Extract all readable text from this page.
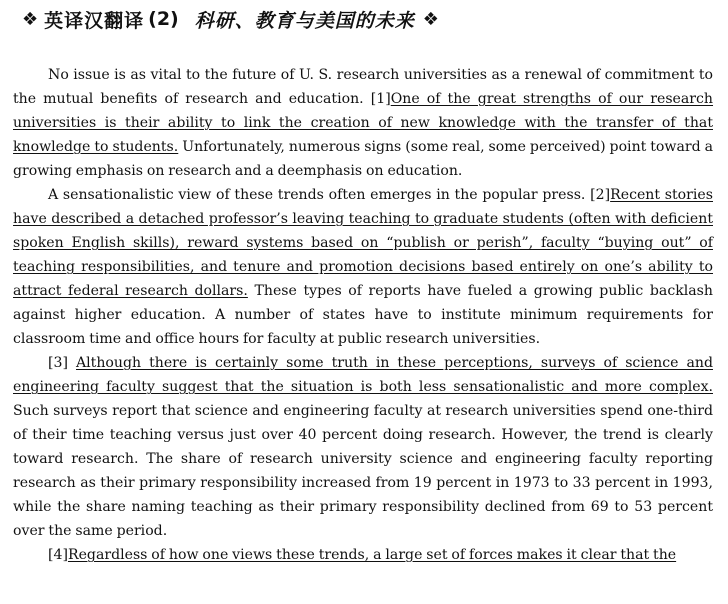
❖ 英译汉翻译 (2) 科研、教育与美国的未来 ❖

No issue is as vital to the future of U. S. research universities as a renewal of commitment to the mutual benefits of research and education. [1]One of the great strengths of our research universities is their ability to link the creation of new knowledge with the transfer of that knowledge to students. Unfortunately, numerous signs (some real, some perceived) point toward a growing emphasis on research and a deemphasis on education.

A sensationalistic view of these trends often emerges in the popular press. [2]Recent stories have described a detached professor’s leaving teaching to graduate students (often with deficient spoken English skills), reward systems based on “publish or perish”, faculty “buying out” of teaching responsibilities, and tenure and promotion decisions based entirely on one’s ability to attract federal research dollars. These types of reports have fueled a growing public backlash against higher education. A number of states have to institute minimum requirements for classroom time and office hours for faculty at public research universities.

[3] Although there is certainly some truth in these perceptions, surveys of science and engineering faculty suggest that the situation is both less sensationalistic and more complex. Such surveys report that science and engineering faculty at research universities spend one-third of their time teaching versus just over 40 percent doing research. However, the trend is clearly toward research. The share of research university science and engineering faculty reporting research as their primary responsibility increased from 19 percent in 1973 to 33 percent in 1993, while the share naming teaching as their primary responsibility declined from 69 to 53 percent over the same period.

[4]Regardless of how one views these trends, a large set of forces makes it clear that the
